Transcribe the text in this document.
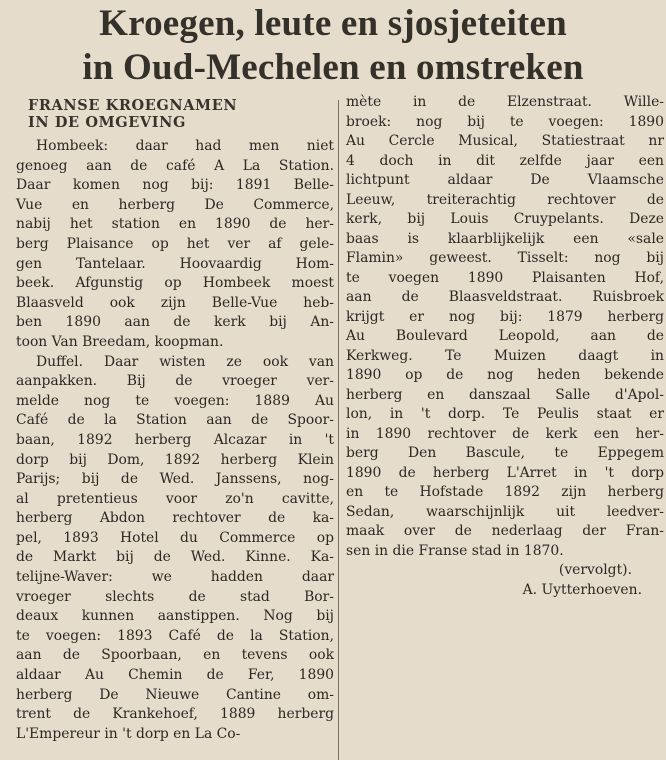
Kroegen, leute en sjosjeteiten
in Oud-Mechelen en omstreken
FRANSE KROEGNAMEN
IN DE OMGEVING
Hombeek: daar had men niet
genoeg aan de café A La Station.
Daar komen nog bij: 1891 Belle-
Vue en herberg De Commerce,
nabij het station en 1890 de her-
berg Plaisance op het ver af gele-
gen Tantelaar. Hoovaardig Hom-
beek. Afgunstig op Hombeek moest
Blaasveld ook zijn Belle-Vue heb-
ben 1890 aan de kerk bij An-
toon Van Breedam, koopman.
Duffel. Daar wisten ze ook van
aanpakken. Bij de vroeger ver-
melde nog te voegen: 1889 Au
Café de la Station aan de Spoor-
baan, 1892 herberg Alcazar in 't
dorp bij Dom, 1892 herberg Klein
Parijs; bij de Wed. Janssens, nog-
al pretentieus voor zo'n cavitte,
herberg Abdon rechtover de ka-
pel, 1893 Hotel du Commerce op
de Markt bij de Wed. Kinne. Ka-
telijne-Waver: we hadden daar
vroeger slechts de stad Bor-
deaux kunnen aanstippen. Nog bij
te voegen: 1893 Café de la Station,
aan de Spoorbaan, en tevens ook
aldaar Au Chemin de Fer, 1890
herberg De Nieuwe Cantine om-
trent de Krankehoef, 1889 herberg
L'Empereur in 't dorp en La Co-
mète in de Elzenstraat. Wille-
broek: nog bij te voegen: 1890
Au Cercle Musical, Statiestraat nr
4 doch in dit zelfde jaar een
lichtpunt aldaar De Vlaamsche
Leeuw, treiterachtig rechtover de
kerk, bij Louis Cruypelants. Deze
baas is klaarblijkelijk een «sale
Flamin» geweest. Tisselt: nog bij
te voegen 1890 Plaisanten Hof,
aan de Blaasveldstraat. Ruisbroek
krijgt er nog bij: 1879 herberg
Au Boulevard Leopold, aan de
Kerkweg. Te Muizen daagt in
1890 op de nog heden bekende
herberg en danszaal Salle d'Apol-
lon, in 't dorp. Te Peulis staat er
in 1890 rechtover de kerk een her-
berg Den Bascule, te Eppegem
1890 de herberg L'Arret in 't dorp
en te Hofstade 1892 zijn herberg
Sedan, waarschijnlijk uit leedver-
maak over de nederlaag der Fran-
sen in die Franse stad in 1870.
(vervolgt).
A. Uytterhoeven.
